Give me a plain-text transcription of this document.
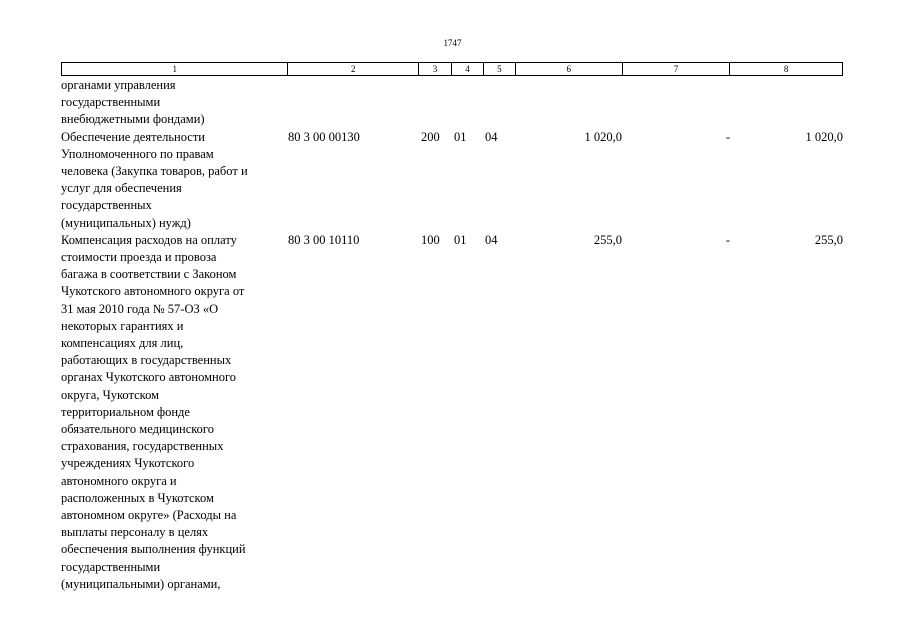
1747
1	2	3	4	5	6	7	8
органами управления
государственными
внебюджетными фондами)
Обеспечение деятельности
Уполномоченного по правам
человека (Закупка товаров, работ и
услуг для обеспечения
государственных
(муниципальных) нужд)
80 3 00 00130	200 01 04	1 020,0	-	1 020,0
Компенсация расходов на оплату
стоимости проезда и провоза
багажа в соответствии с Законом
Чукотского автономного округа от
31 мая 2010 года № 57-ОЗ «О
некоторых гарантиях и
компенсациях для лиц,
работающих в государственных
органах Чукотского автономного
округа, Чукотском
территориальном фонде
обязательного медицинского
страхования, государственных
учреждениях Чукотского
автономного округа и
расположенных в Чукотском
автономном округе» (Расходы на
выплаты персоналу в целях
обеспечения выполнения функций
государственными
(муниципальными) органами,
80 3 00 10110	100 01 04	255,0	-	255,0
